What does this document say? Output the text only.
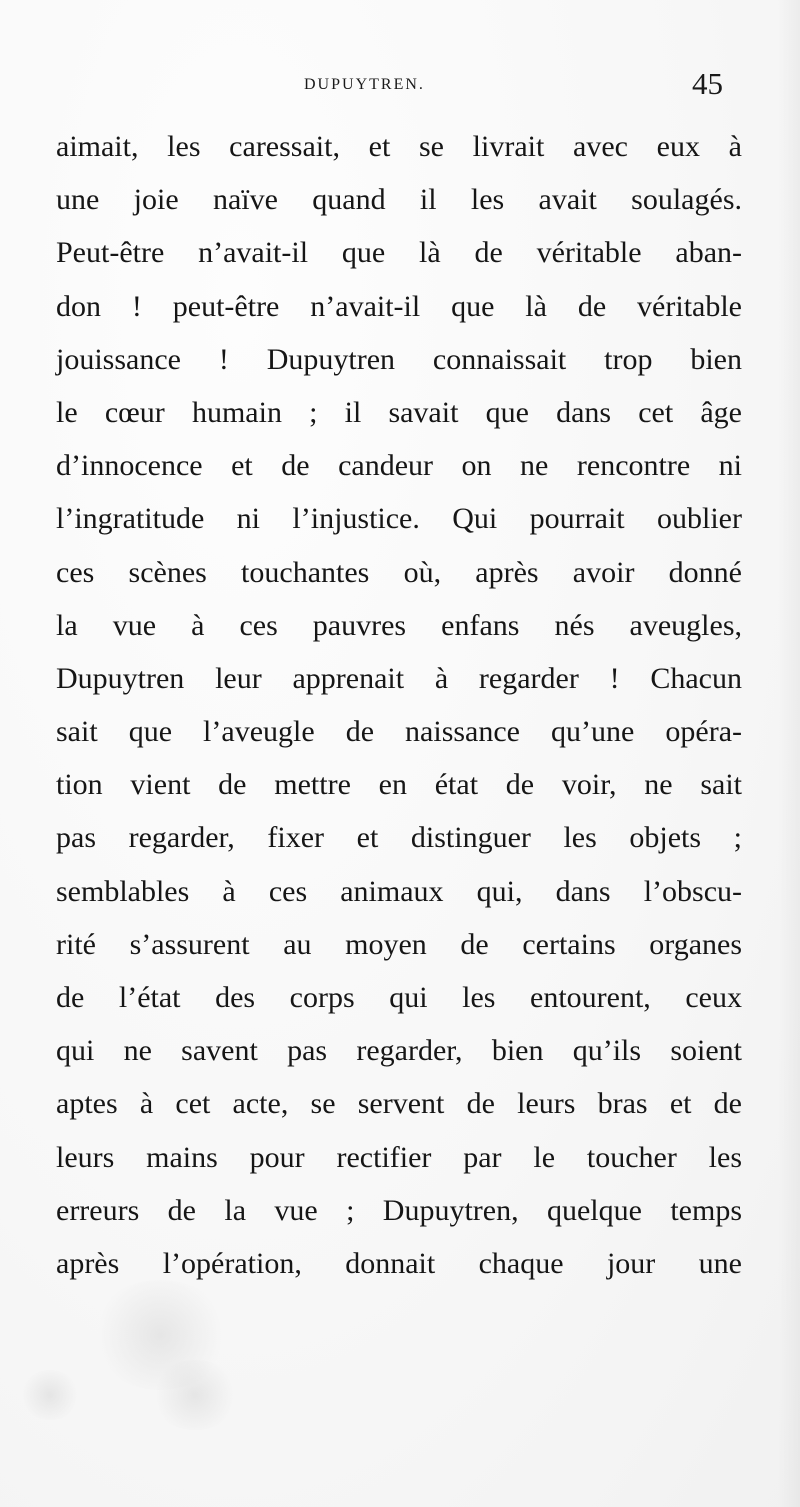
DUPUYTREN.	45
aimait, les caressait, et se livrait avec eux à
une joie naïve quand il les avait soulagés.
Peut-être n’avait-il que là de véritable aban-
don ! peut-être n’avait-il que là de véritable
jouissance ! Dupuytren connaissait trop bien
le cœur humain ; il savait que dans cet âge
d’innocence et de candeur on ne rencontre ni
l’ingratitude ni l’injustice. Qui pourrait oublier
ces scènes touchantes où, après avoir donné
la vue à ces pauvres enfans nés aveugles,
Dupuytren leur apprenait à regarder ! Chacun
sait que l’aveugle de naissance qu’une opéra-
tion vient de mettre en état de voir, ne sait
pas regarder, fixer et distinguer les objets ;
semblables à ces animaux qui, dans l’obscu-
rité s’assurent au moyen de certains organes
de l’état des corps qui les entourent, ceux
qui ne savent pas regarder, bien qu’ils soient
aptes à cet acte, se servent de leurs bras et de
leurs mains pour rectifier par le toucher les
erreurs de la vue ; Dupuytren, quelque temps
après l’opération, donnait chaque jour une
